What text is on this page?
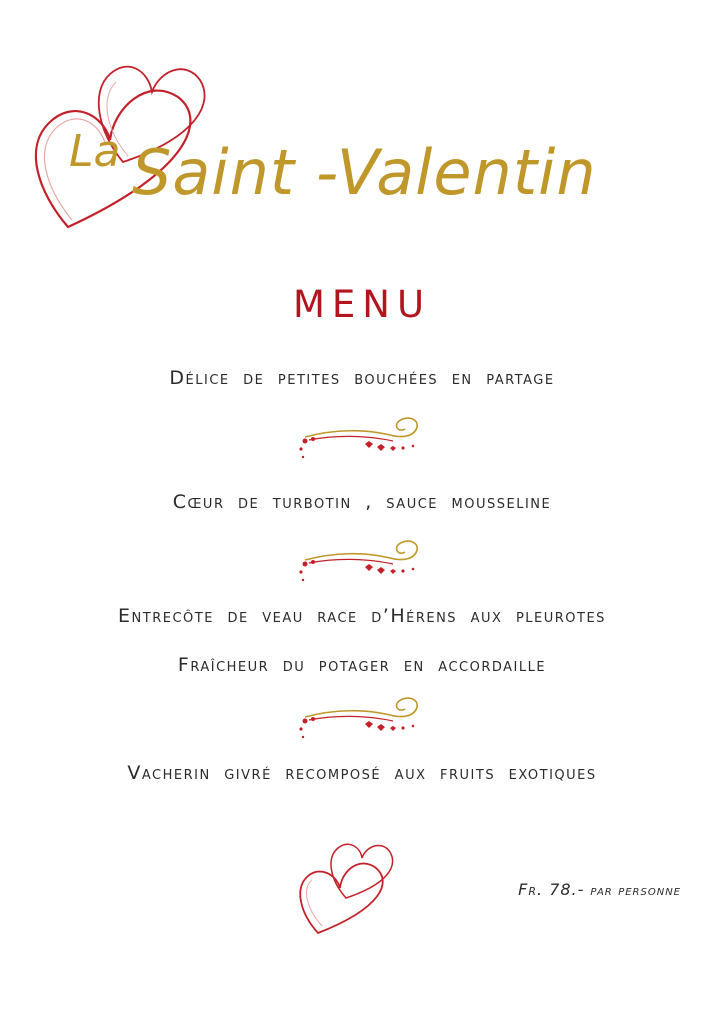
La Saint -Valentin
MENU
Délice de petites bouchées en partage
Cœur de turbotin , sauce mousseline
Entrecôte de veau race d’Hérens aux pleurotes
Fraîcheur du potager en accordaille
Vacherin givré recomposé aux fruits exotiques
Fr. 78.- par personne
